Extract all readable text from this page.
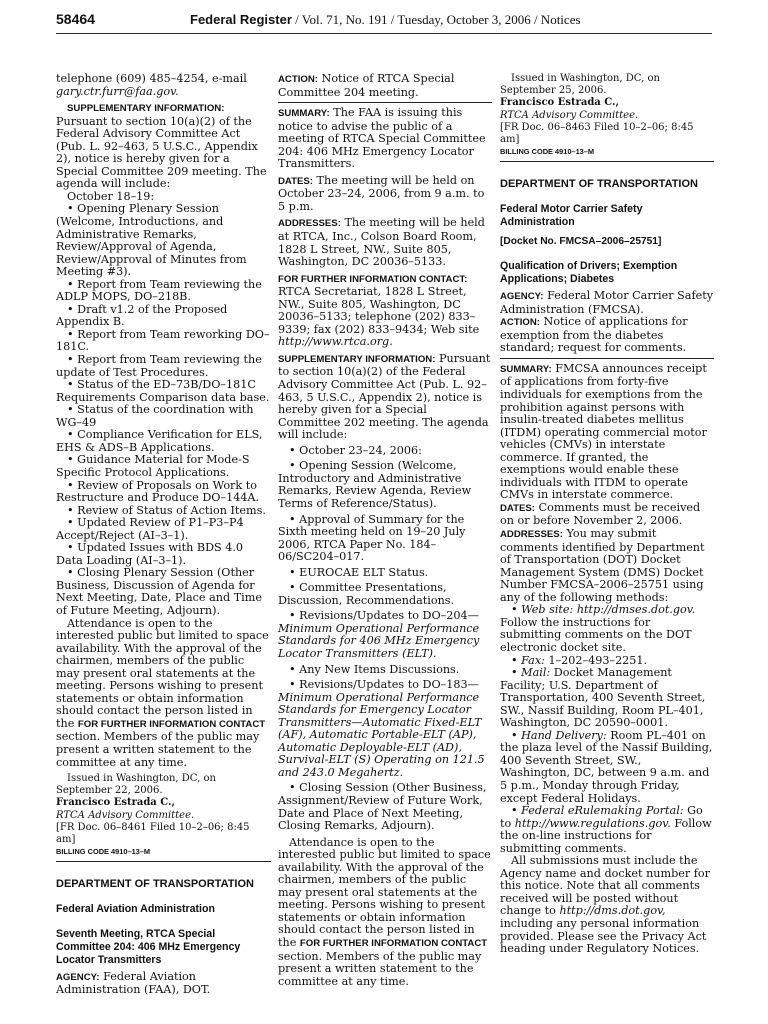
58464	Federal Register / Vol. 71, No. 191 / Tuesday, October 3, 2006 / Notices

telephone (609) 485–4254, e-mail

gary.ctr.furr@faa.gov.

SUPPLEMENTARY INFORMATION: Pursuant to section 10(a)(2) of the Federal Advisory Committee Act (Pub. L. 92–463, 5 U.S.C., Appendix 2), notice is hereby given for a Special Committee 209 meeting. The agenda will include:

October 18–19:

• Opening Plenary Session (Welcome, Introductions, and Administrative Remarks, Review/Approval of Agenda, Review/Approval of Minutes from Meeting #3).

• Report from Team reviewing the ADLP MOPS, DO–218B.

• Draft v1.2 of the Proposed Appendix B.

• Report from Team reworking DO–181C.

• Report from Team reviewing the update of Test Procedures.

• Status of the ED–73B/DO–181C Requirements Comparison data base.

• Status of the coordination with WG–49

• Compliance Verification for ELS, EHS & ADS–B Applications.

• Guidance Material for Mode-S Specific Protocol Applications.

• Review of Proposals on Work to Restructure and Produce DO–144A.

• Review of Status of Action Items.

• Updated Review of P1–P3–P4 Accept/Reject (AI–3–1).

• Updated Issues with BDS 4.0 Data Loading (AI–3–1).

• Closing Plenary Session (Other Business, Discussion of Agenda for Next Meeting, Date, Place and Time of Future Meeting, Adjourn).

Attendance is open to the interested public but limited to space availability. With the approval of the chairmen, members of the public may present oral statements at the meeting. Persons wishing to present statements or obtain information should contact the person listed in the FOR FURTHER INFORMATION CONTACT section. Members of the public may present a written statement to the committee at any time.

Issued in Washington, DC, on September 22, 2006.

Francisco Estrada C.,

RTCA Advisory Committee.

[FR Doc. 06–8461 Filed 10–2–06; 8:45 am]

BILLING CODE 4910–13–M

DEPARTMENT OF TRANSPORTATION

Federal Aviation Administration

Seventh Meeting, RTCA Special Committee 204: 406 MHz Emergency Locator Transmitters

AGENCY: Federal Aviation Administration (FAA), DOT.

ACTION: Notice of RTCA Special Committee 204 meeting.

SUMMARY: The FAA is issuing this notice to advise the public of a meeting of RTCA Special Committee 204: 406 MHz Emergency Locator Transmitters.

DATES: The meeting will be held on October 23–24, 2006, from 9 a.m. to 5 p.m.

ADDRESSES: The meeting will be held at RTCA, Inc., Colson Board Room, 1828 L Street, NW., Suite 805, Washington, DC 20036–5133.

FOR FURTHER INFORMATION CONTACT: RTCA Secretariat, 1828 L Street, NW., Suite 805, Washington, DC 20036–5133; telephone (202) 833–9339; fax (202) 833–9434; Web site http://www.rtca.org.

SUPPLEMENTARY INFORMATION: Pursuant to section 10(a)(2) of the Federal Advisory Committee Act (Pub. L. 92–463, 5 U.S.C., Appendix 2), notice is hereby given for a Special Committee 202 meeting. The agenda will include:

• October 23–24, 2006:

• Opening Session (Welcome, Introductory and Administrative Remarks, Review Agenda, Review Terms of Reference/Status).

• Approval of Summary for the Sixth meeting held on 19–20 July 2006, RTCA Paper No. 184–06/SC204–017.

• EUROCAE ELT Status.

• Committee Presentations, Discussion, Recommendations.

• Revisions/Updates to DO–204—Minimum Operational Performance Standards for 406 MHz Emergency Locator Transmitters (ELT).

• Any New Items Discussions.

• Revisions/Updates to DO–183—Minimum Operational Performance Standards for Emergency Locator Transmitters—Automatic Fixed-ELT (AF), Automatic Portable-ELT (AP), Automatic Deployable-ELT (AD), Survival-ELT (S) Operating on 121.5 and 243.0 Megahertz.

• Closing Session (Other Business, Assignment/Review of Future Work, Date and Place of Next Meeting, Closing Remarks, Adjourn).

Attendance is open to the interested public but limited to space availability. With the approval of the chairmen, members of the public may present oral statements at the meeting. Persons wishing to present statements or obtain information should contact the person listed in the FOR FURTHER INFORMATION CONTACT section. Members of the public may present a written statement to the committee at any time.

Issued in Washington, DC, on September 25, 2006.

Francisco Estrada C.,

RTCA Advisory Committee.

[FR Doc. 06–8463 Filed 10–2–06; 8:45 am]

BILLING CODE 4910–13–M

DEPARTMENT OF TRANSPORTATION

Federal Motor Carrier Safety Administration

[Docket No. FMCSA–2006–25751]

Qualification of Drivers; Exemption Applications; Diabetes

AGENCY: Federal Motor Carrier Safety Administration (FMCSA).

ACTION: Notice of applications for exemption from the diabetes standard; request for comments.

SUMMARY: FMCSA announces receipt of applications from forty-five individuals for exemptions from the prohibition against persons with insulin-treated diabetes mellitus (ITDM) operating commercial motor vehicles (CMVs) in interstate commerce. If granted, the exemptions would enable these individuals with ITDM to operate CMVs in interstate commerce.

DATES: Comments must be received on or before November 2, 2006.

ADDRESSES: You may submit comments identified by Department of Transportation (DOT) Docket Management System (DMS) Docket Number FMCSA–2006–25751 using any of the following methods:

• Web site: http://dmses.dot.gov. Follow the instructions for submitting comments on the DOT electronic docket site.

• Fax: 1–202–493–2251.

• Mail: Docket Management Facility; U.S. Department of Transportation, 400 Seventh Street, SW., Nassif Building, Room PL–401, Washington, DC 20590–0001.

• Hand Delivery: Room PL–401 on the plaza level of the Nassif Building, 400 Seventh Street, SW., Washington, DC, between 9 a.m. and 5 p.m., Monday through Friday, except Federal Holidays.

• Federal eRulemaking Portal: Go to http://www.regulations.gov. Follow the on-line instructions for submitting comments.

All submissions must include the Agency name and docket number for this notice. Note that all comments received will be posted without change to http://dms.dot.gov, including any personal information provided. Please see the Privacy Act heading under Regulatory Notices.
